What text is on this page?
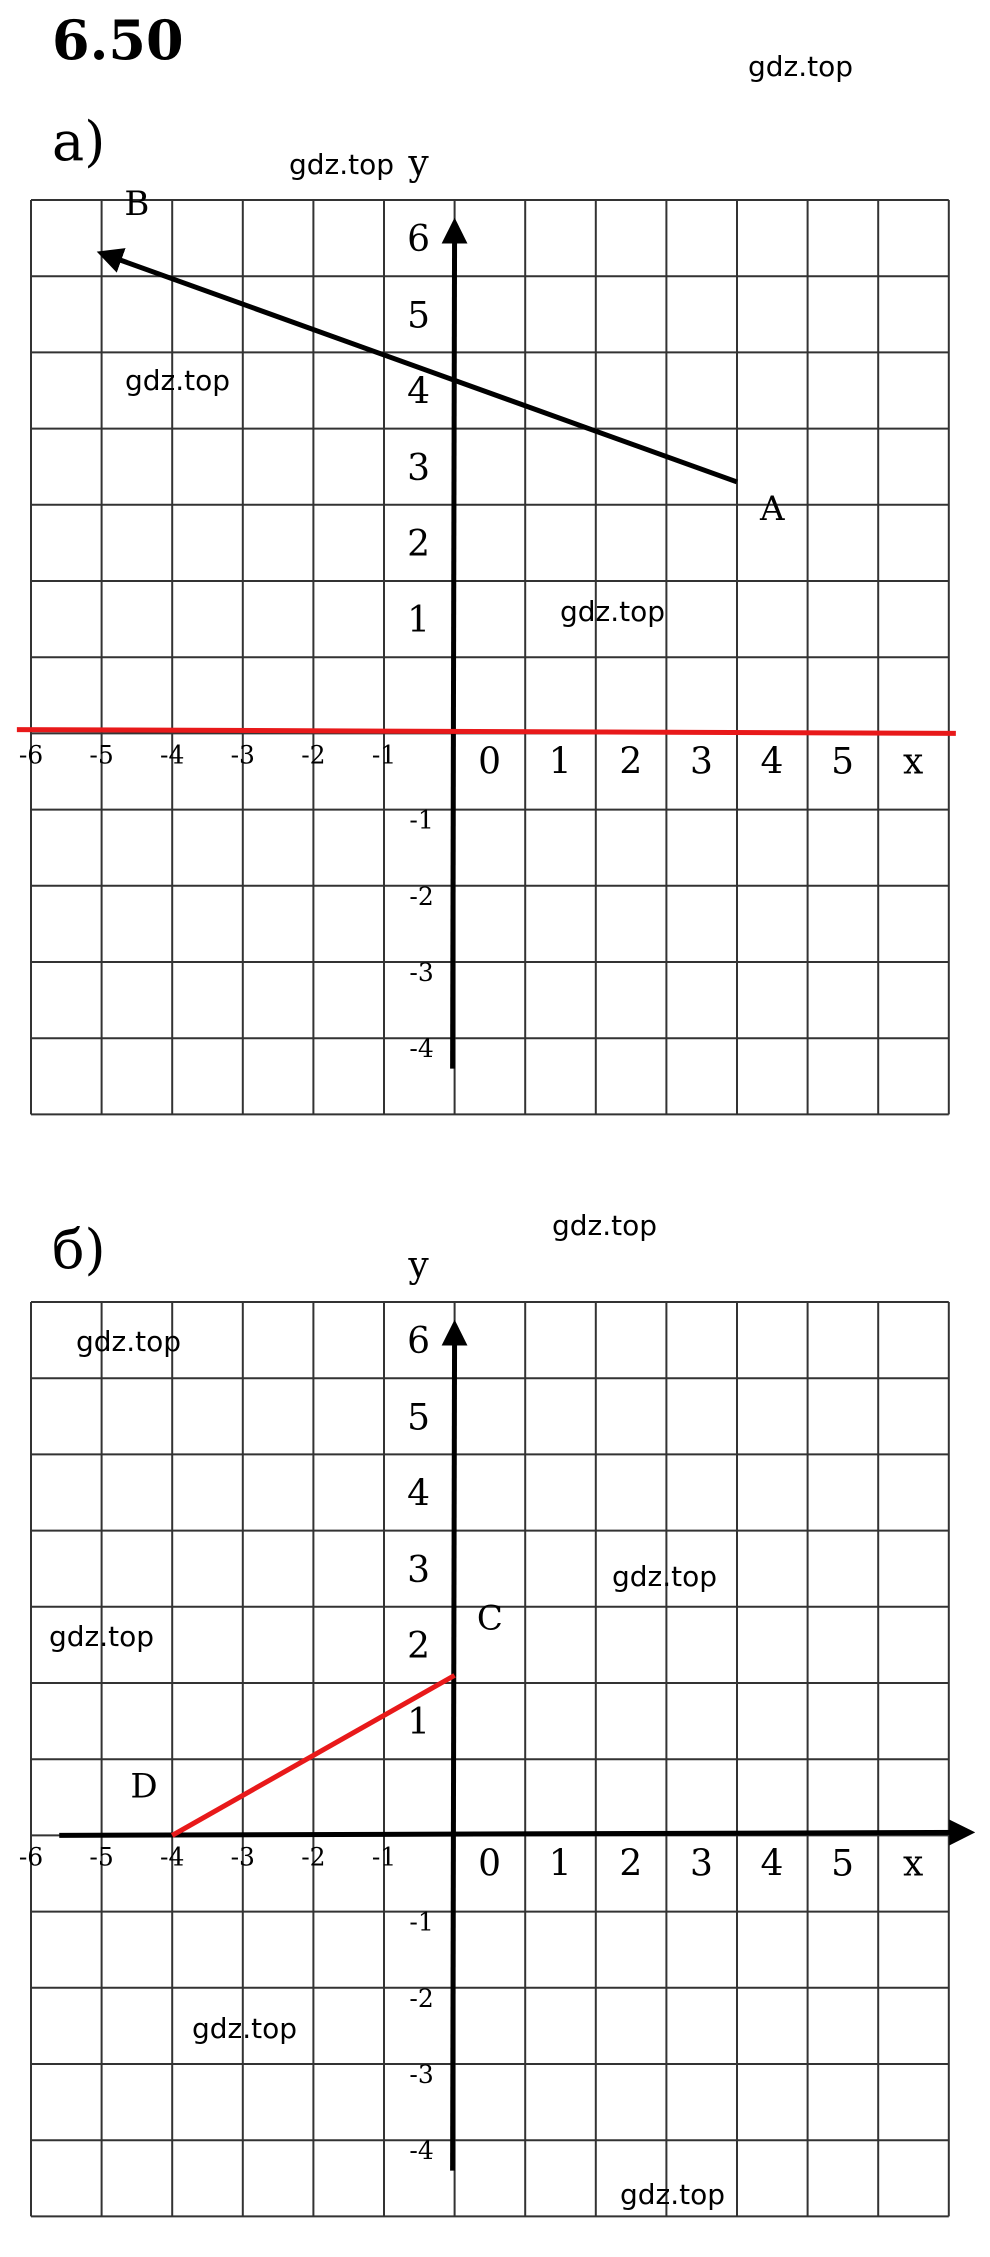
6.50
а)
-6 -5 -4 -3 -2 -1 0 1 2 3 4 5 x
1
2
3
4
5
6
-1
-2
-3
-4
y
A
B
б)
-6 -5 -4 -3 -2 -1 0 1 2 3 4 5 x
1
2
3
4
5
6
-1
-2
-3
-4
y
C
D
gdz.top
gdz.top
gdz.top
gdz.top
gdz.top
gdz.top
gdz.top
gdz.top
gdz.top
gdz.top
